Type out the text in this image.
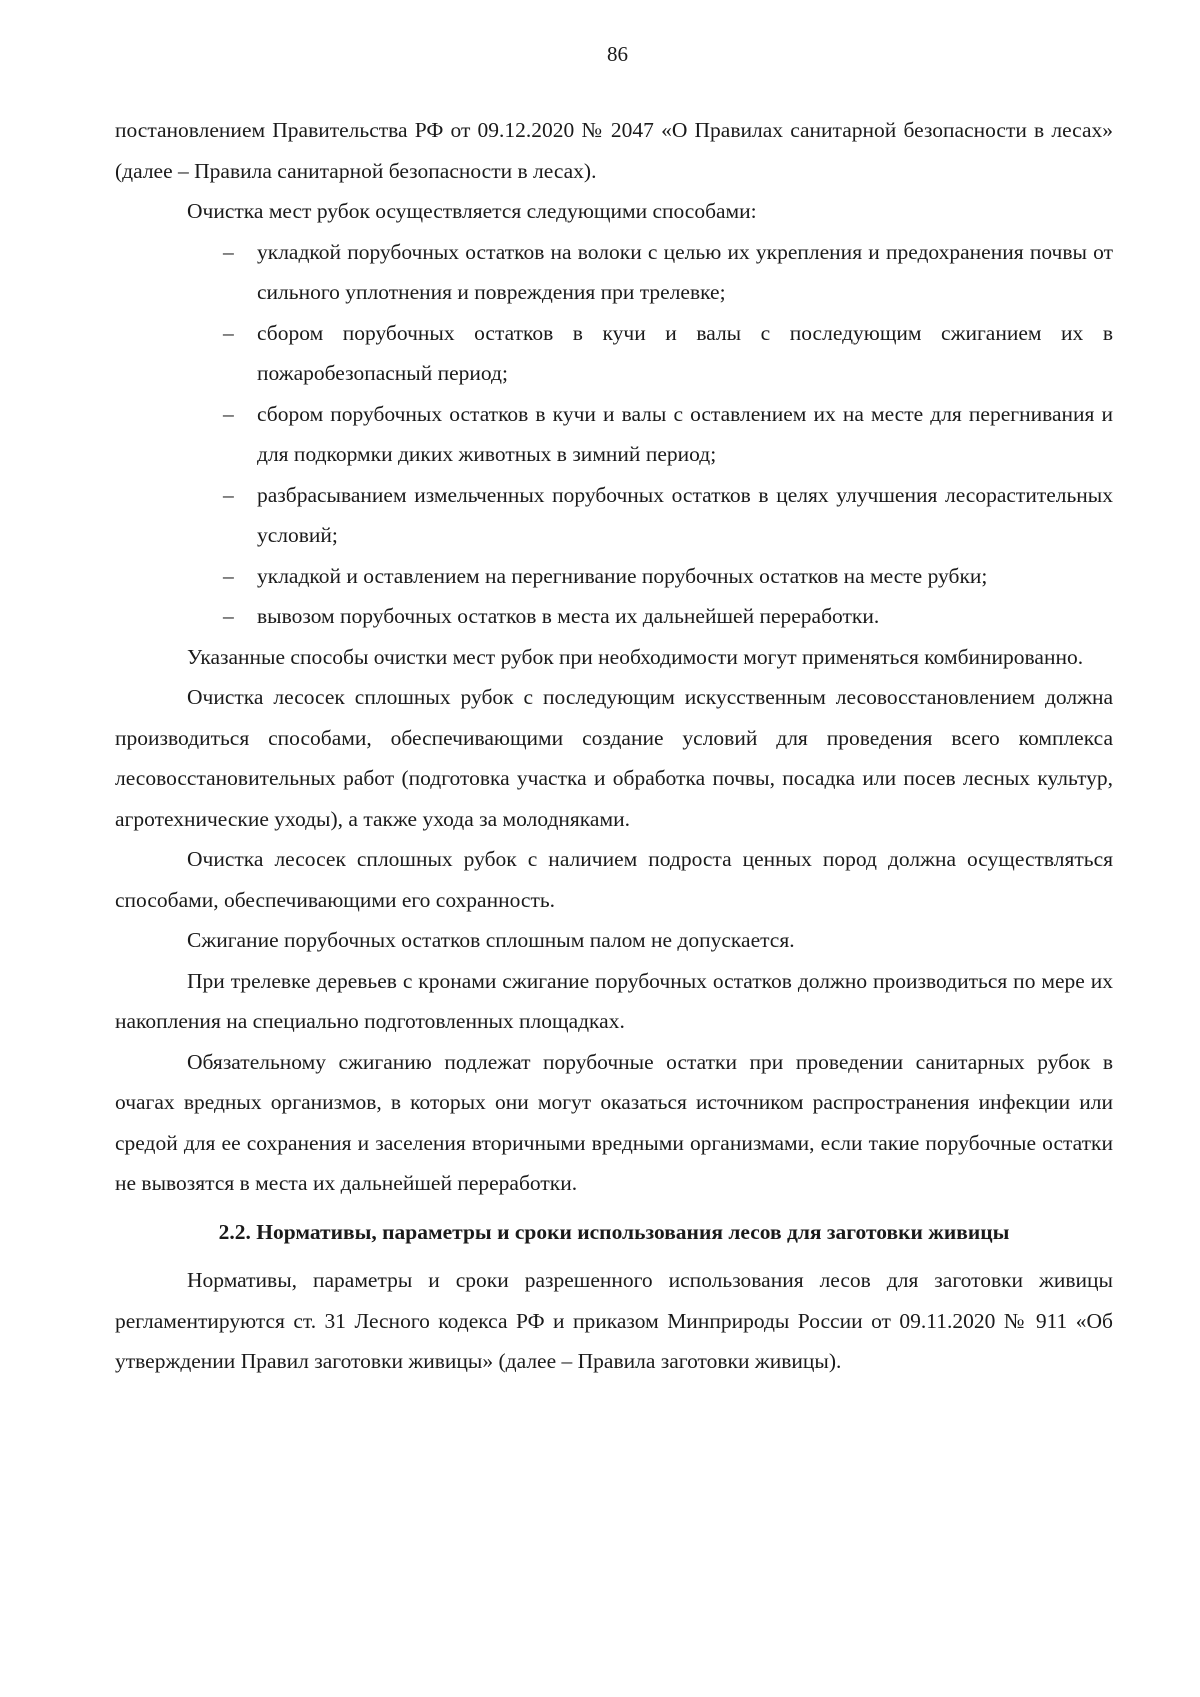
86

постановлением Правительства РФ от 09.12.2020 № 2047 «О Правилах санитарной безопасности в лесах» (далее – Правила санитарной безопасности в лесах).

Очистка мест рубок осуществляется следующими способами:

– укладкой порубочных остатков на волоки с целью их укрепления и предохранения почвы от сильного уплотнения и повреждения при трелевке;
– сбором порубочных остатков в кучи и валы с последующим сжиганием их в пожаробезопасный период;
– сбором порубочных остатков в кучи и валы с оставлением их на месте для перегнивания и для подкормки диких животных в зимний период;
– разбрасыванием измельченных порубочных остатков в целях улучшения лесорастительных условий;
– укладкой и оставлением на перегнивание порубочных остатков на месте рубки;
– вывозом порубочных остатков в места их дальнейшей переработки.

Указанные способы очистки мест рубок при необходимости могут применяться комбинированно.

Очистка лесосек сплошных рубок с последующим искусственным лесовосстановлением должна производиться способами, обеспечивающими создание условий для проведения всего комплекса лесовосстановительных работ (подготовка участка и обработка почвы, посадка или посев лесных культур, агротехнические уходы), а также ухода за молодняками.

Очистка лесосек сплошных рубок с наличием подроста ценных пород должна осуществляться способами, обеспечивающими его сохранность.

Сжигание порубочных остатков сплошным палом не допускается.

При трелевке деревьев с кронами сжигание порубочных остатков должно производиться по мере их накопления на специально подготовленных площадках.

Обязательному сжиганию подлежат порубочные остатки при проведении санитарных рубок в очагах вредных организмов, в которых они могут оказаться источником распространения инфекции или средой для ее сохранения и заселения вторичными вредными организмами, если такие порубочные остатки не вывозятся в места их дальнейшей переработки.

2.2. Нормативы, параметры и сроки использования лесов для заготовки живицы

Нормативы, параметры и сроки разрешенного использования лесов для заготовки живицы регламентируются ст. 31 Лесного кодекса РФ и приказом Минприроды России от 09.11.2020 № 911 «Об утверждении Правил заготовки живицы» (далее – Правила заготовки живицы).
